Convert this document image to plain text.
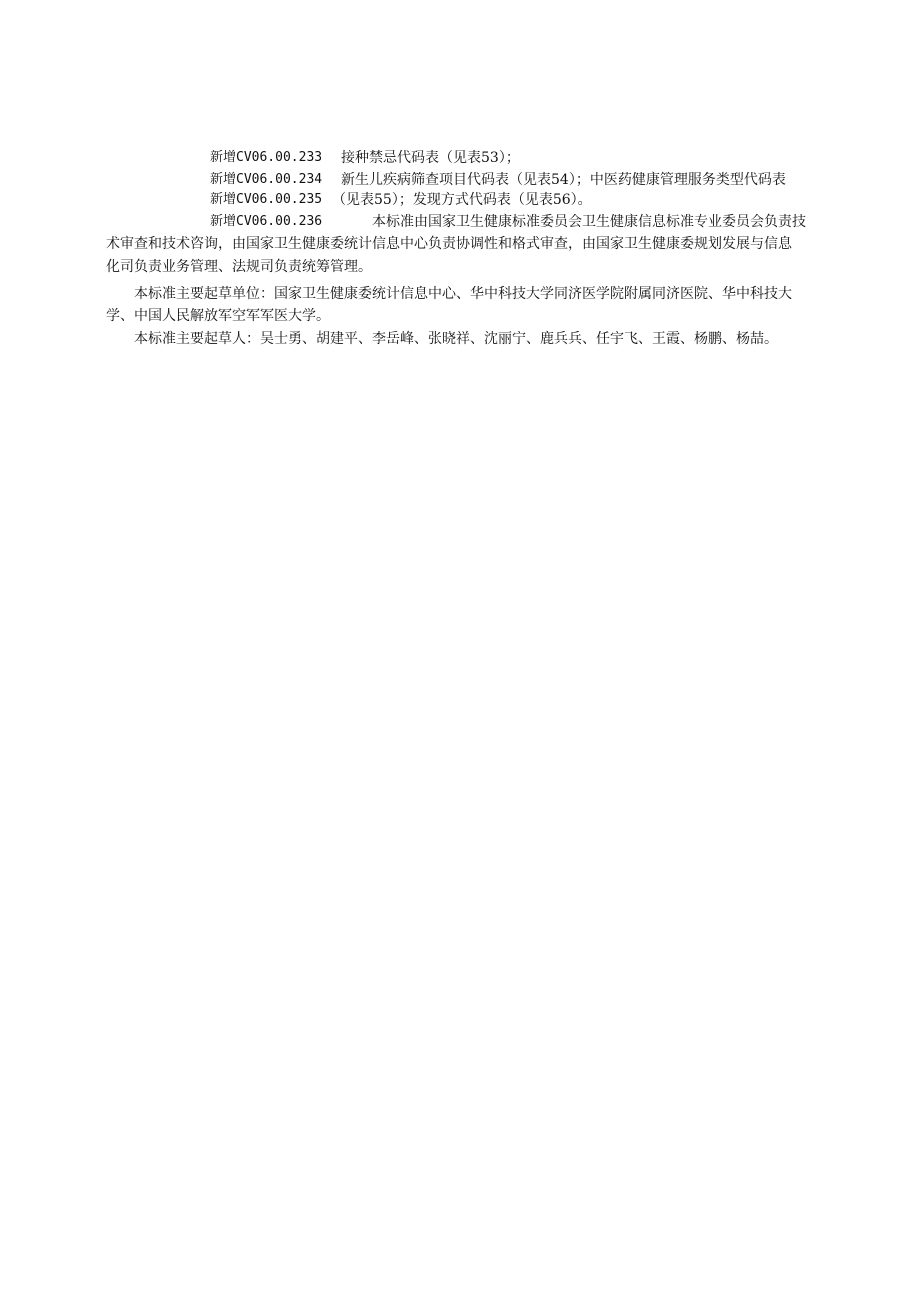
新增CV06.00.233 接种禁忌代码表（见表53）；
新增CV06.00.234 新生儿疾病筛查项目代码表（见表54）；中医药健康管理服务类型代码表
新增CV06.00.235 （见表55）；发现方式代码表（见表56）。
新增CV06.00.236	本标准由国家卫生健康标准委员会卫生健康信息标准专业委员会负责技
术审查和技术咨询，由国家卫生健康委统计信息中心负责协调性和格式审查，由国家卫生健康委规划发展与信息
化司负责业务管理、法规司负责统筹管理。
本标准主要起草单位：国家卫生健康委统计信息中心、华中科技大学同济医学院附属同济医院、华中科技大
学、中国人民解放军空军军医大学。
本标准主要起草人：吴士勇、胡建平、李岳峰、张晓祥、沈丽宁、鹿兵兵、任宇飞、王霞、杨鹏、杨喆。
